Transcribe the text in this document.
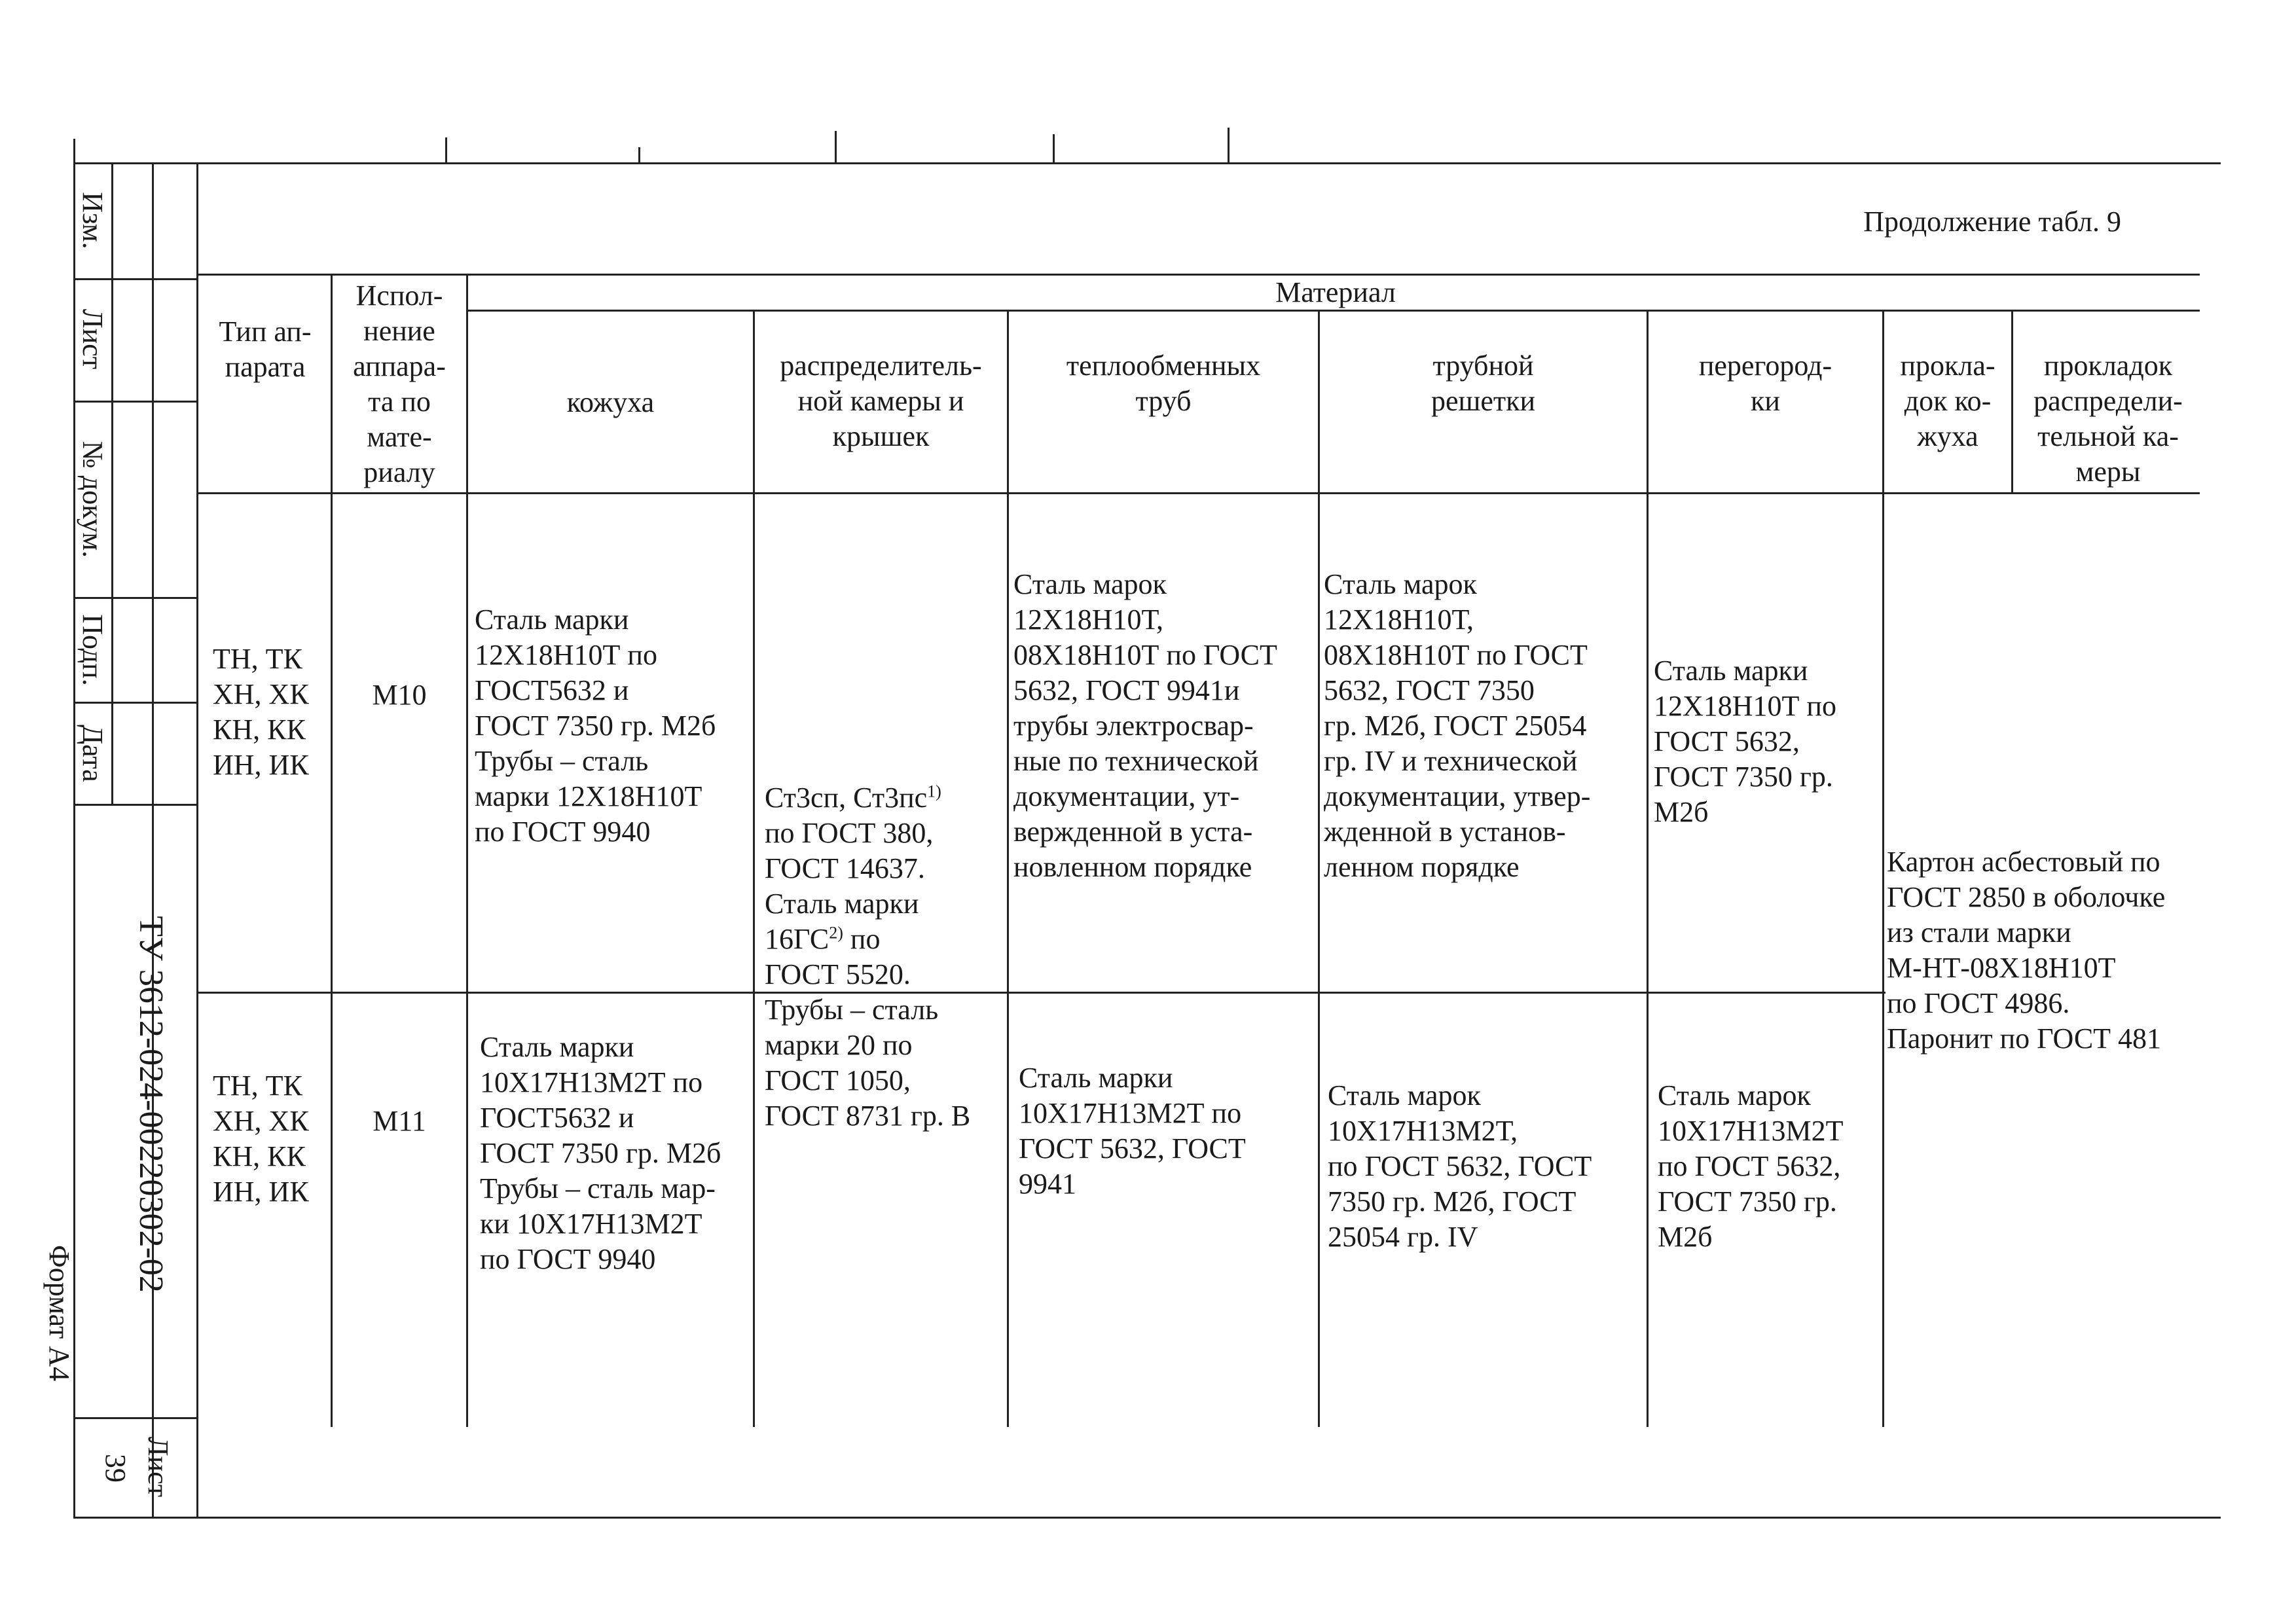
Изм.
Лист
№ докум.
Подп.
Дата
ТУ 3612-024-00220302-02
Лист
39
Формат А4
Продолжение табл. 9
Тип ап-
парата
Испол-
нение
аппара-
та по
мате-
риалу
Материал
кожуха
распределитель-
ной камеры и
крышек
теплообменных
труб
трубной
решетки
перегород-
ки
прокла-
док ко-
жуха
прокладок
распредели-
тельной ка-
меры
ТН, ТК
ХН, ХК
КН, КК
ИН, ИК
М10
Сталь марки
12Х18Н10Т по
ГОСТ5632 и
ГОСТ 7350 гр. М2б
Трубы – сталь
марки 12Х18Н10Т
по ГОСТ 9940
Сталь марок
12Х18Н10Т,
08Х18Н10Т по ГОСТ
5632, ГОСТ 9941и
трубы электросвар-
ные по технической
документации, ут-
вержденной в уста-
новленном порядке
Сталь марок
12Х18Н10Т,
08Х18Н10Т по ГОСТ
5632, ГОСТ 7350
гр. М2б, ГОСТ 25054
гр. IV и технической
документации, утвер-
жденной в установ-
ленном порядке
Сталь марки
12Х18Н10Т по
ГОСТ 5632,
ГОСТ 7350 гр.
М2б
ТН, ТК
ХН, ХК
КН, КК
ИН, ИК
М11
Сталь марки
10Х17Н13М2Т по
ГОСТ5632 и
ГОСТ 7350 гр. М2б
Трубы – сталь мар-
ки 10Х17Н13М2Т
по ГОСТ 9940
Сталь марки
10Х17Н13М2Т по
ГОСТ 5632, ГОСТ
9941
Сталь марок
10Х17Н13М2Т,
по ГОСТ 5632, ГОСТ
7350 гр. М2б, ГОСТ
25054 гр. IV
Сталь марок
10Х17Н13М2Т
по ГОСТ 5632,
ГОСТ 7350 гр.
М2б
Ст3сп, $Ст3пс^{1)}$
по ГОСТ 380,
ГОСТ 14637.
Сталь марки
16ГС$^{2)}$ по
ГОСТ 5520.
Трубы – сталь
марки 20 по
ГОСТ 1050,
ГОСТ 8731 гр. В
Картон асбестовый по
ГОСТ 2850 в оболочке
из стали марки
М-НТ-08Х18Н10Т
по ГОСТ 4986.
Паронит по ГОСТ 481
